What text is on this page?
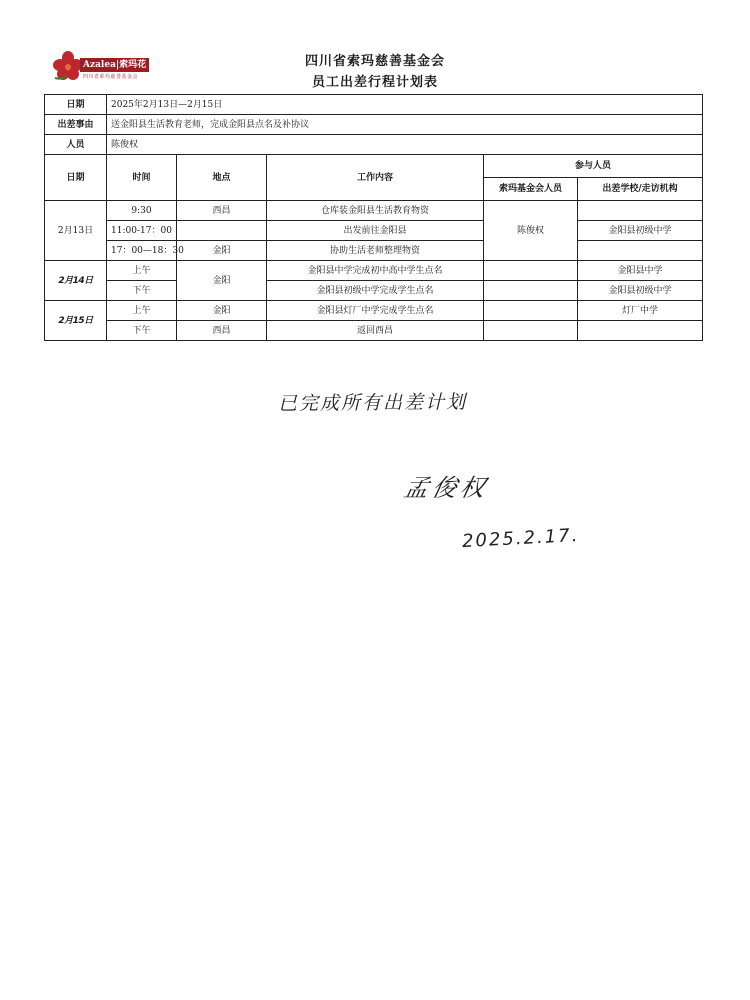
Azalea|索玛花
四川省索玛慈善基金会
四川省索玛慈善基金会
员工出差行程计划表
日期	2025年2月13日—2月15日				
出差事由	送金阳县生活教育老师，完成金阳县点名及补协议				
人员	陈俊权				
日期	时间	地点	工作内容	参与人员	
				索玛基金会人员	出差学校/走访机构
2月13日	9:30	西昌	仓库装金阳县生活教育物资	陈俊权	
	11:00-17：00		出发前往金阳县		金阳县初级中学
	17：00—18：30	金阳	协助生活老师整理物资		
2月14日	上午	金阳	金阳县中学完成初中高中学生点名		金阳县中学
	下午		金阳县初级中学完成学生点名		金阳县初级中学
2月15日	上午	金阳	金阳县灯厂中学完成学生点名		灯厂中学
	下午	西昌	返回西昌		
已完成所有出差计划
孟俊权
2025.2.17.
